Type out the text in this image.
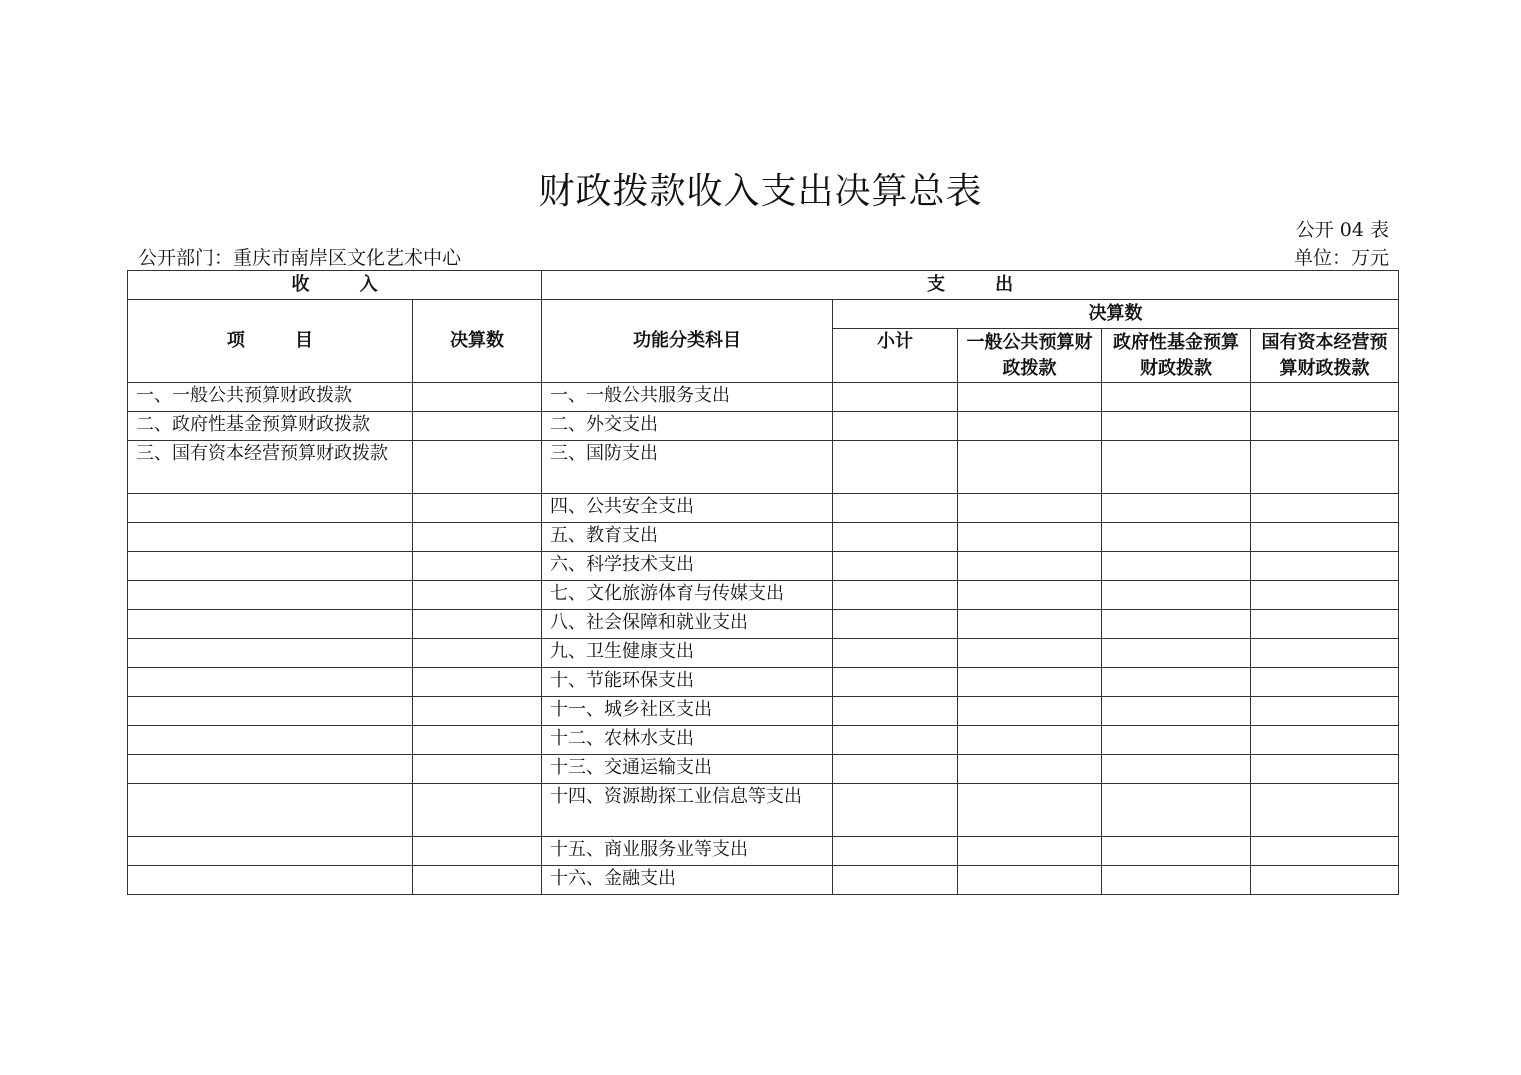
财政拨款收入支出决算总表
公开 04 表
公开部门：重庆市南岸区文化艺术中心	单位：万元
收        入		支        出				
项        目	决算数	功能分类科目	决算数			
			小计	一般公共预算财政拨款	政府性基金预算财政拨款	国有资本经营预算财政拨款
一、一般公共预算财政拨款		一、一般公共服务支出				
二、政府性基金预算财政拨款		二、外交支出				
三、国有资本经营预算财政拨款		三、国防支出				
		四、公共安全支出				
		五、教育支出				
		六、科学技术支出				
		七、文化旅游体育与传媒支出				
		八、社会保障和就业支出				
		九、卫生健康支出				
		十、节能环保支出				
		十一、城乡社区支出				
		十二、农林水支出				
		十三、交通运输支出				
		十四、资源勘探工业信息等支出				
		十五、商业服务业等支出				
		十六、金融支出				
